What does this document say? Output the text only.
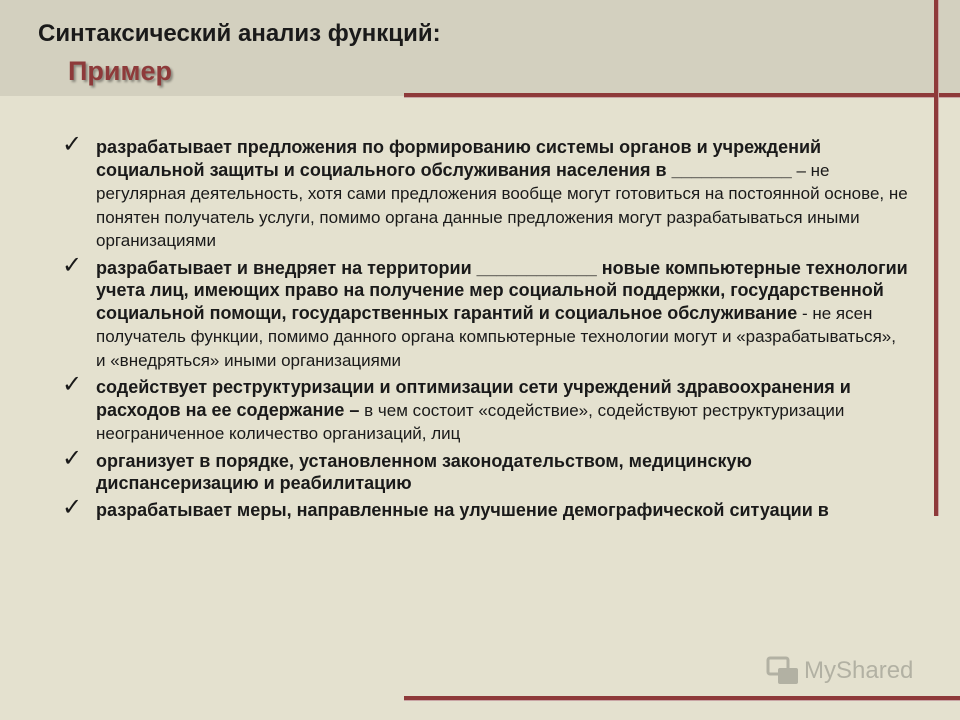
Синтаксический анализ функций:
Пример
✓ разрабатывает предложения по формированию системы органов и учреждений социальной защиты и социального обслуживания населения в ____________ – не регулярная деятельность, хотя сами предложения вообще могут готовиться на постоянной основе, не понятен получатель услуги, помимо органа данные предложения могут разрабатываться иными организациями
✓ разрабатывает и внедряет на территории ____________ новые компьютерные технологии учета лиц, имеющих право на получение мер социальной поддержки, государственной социальной помощи, государственных гарантий и социальное обслуживание - не ясен получатель функции, помимо данного органа компьютерные технологии могут и «разрабатываться», и «внедряться» иными организациями
✓ содействует реструктуризации и оптимизации сети учреждений здравоохранения и расходов на ее содержание – в чем состоит «содействие», содействуют реструктуризации неограниченное количество организаций, лиц
✓ организует в порядке, установленном законодательством, медицинскую диспансеризацию и реабилитацию
✓ разрабатывает меры, направленные на улучшение демографической ситуации в
MyShared
